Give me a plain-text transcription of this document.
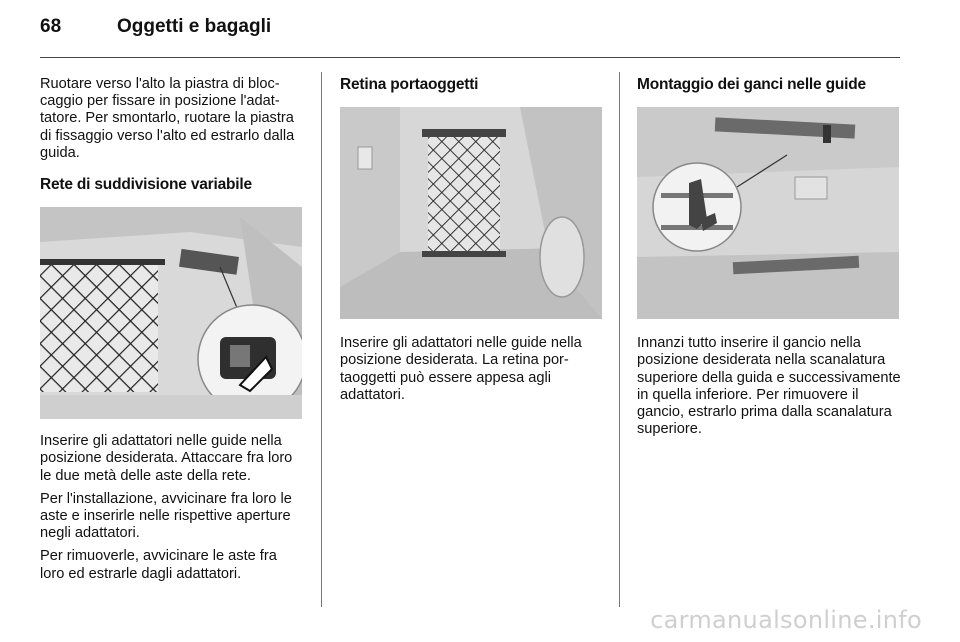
68	Oggetti e bagagli

Ruotare verso l'alto la piastra di bloccaggio per fissare in posizione l'adattatore. Per smontarlo, ruotare la piastra di fissaggio verso l'alto ed estrarlo dalla guida.

Rete di suddivisione variabile

Inserire gli adattatori nelle guide nella posizione desiderata. Attaccare fra loro le due metà delle aste della rete.

Per l'installazione, avvicinare fra loro le aste e inserirle nelle rispettive aperture negli adattatori.

Per rimuoverle, avvicinare le aste fra loro ed estrarle dagli adattatori.

Retina portaoggetti

Inserire gli adattatori nelle guide nella posizione desiderata. La retina portaoggetti può essere appesa agli adattatori.

Montaggio dei ganci nelle guide

Innanzi tutto inserire il gancio nella posizione desiderata nella scanalatura superiore della guida e successivamente in quella inferiore. Per rimuovere il gancio, estrarlo prima dalla scanalatura superiore.

carmanualsonline.info
